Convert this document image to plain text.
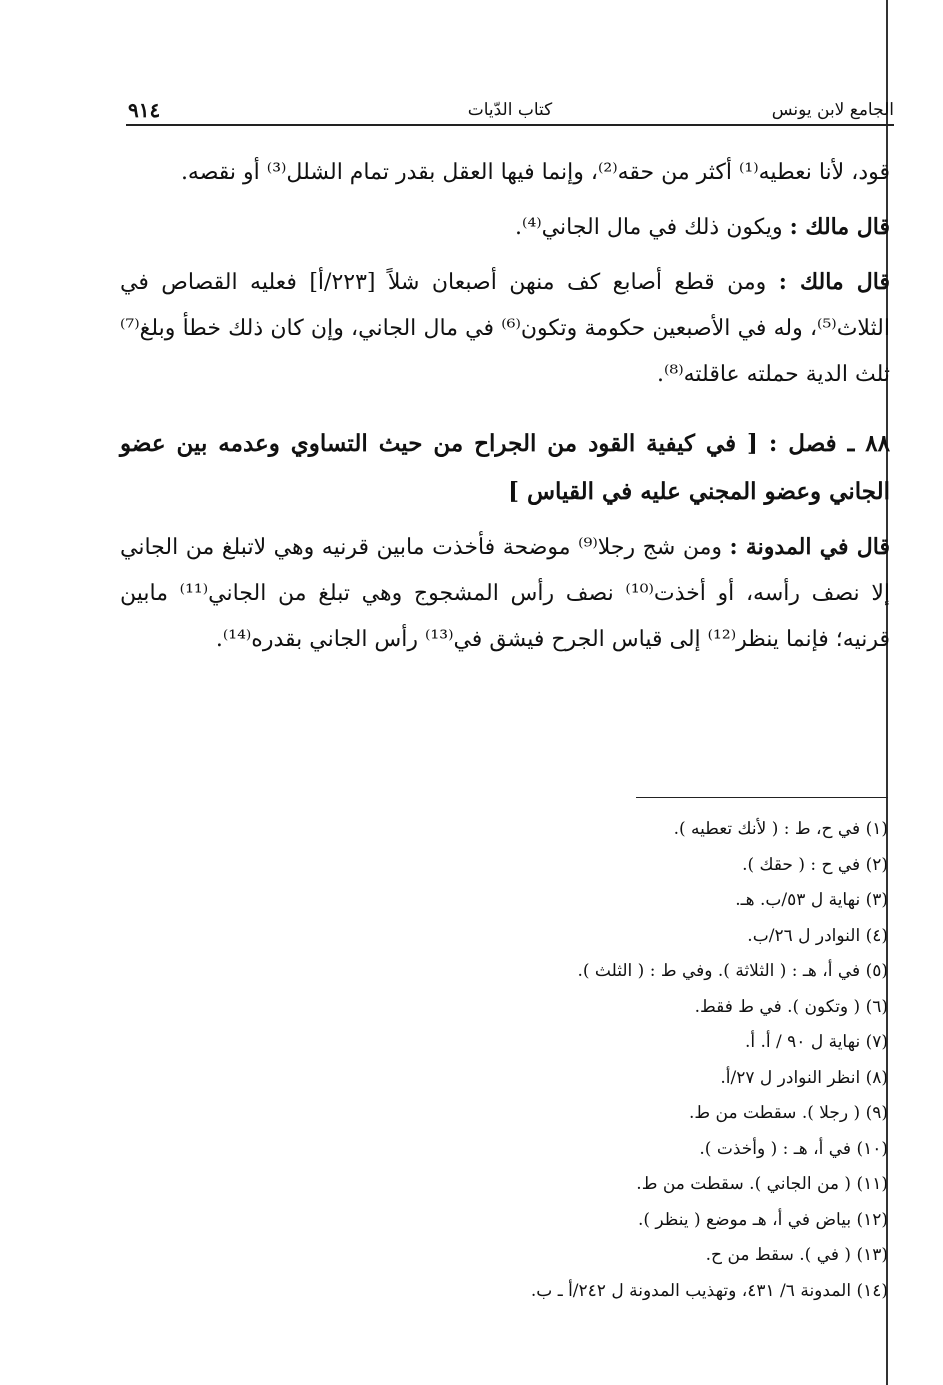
الجامع لابن يونس
كتاب الدّيات
٩١٤

قود، لأنا نعطيه⁽¹⁾ أكثر من حقه⁽²⁾، وإنما فيها العقل بقدر تمام الشلل⁽³⁾ أو نقصه.

قال مالك : ويكون ذلك في مال الجاني⁽⁴⁾.

قال مالك : ومن قطع أصابع كف منهن أصبعان شلاً [٢٢٣/أ] فعليه القصاص في الثلاث⁽⁵⁾، وله في الأصبعين حكومة وتكون⁽⁶⁾ في مال الجاني، وإن كان ذلك خطأ وبلغ⁽⁷⁾ ثلث الدية حملته عاقلته⁽⁸⁾.

٨٨ ـ فصل : [ في كيفية القود من الجراح من حيث التساوي وعدمه بين عضو الجاني وعضو المجني عليه في القياس ]

قال في المدونة : ومن شج رجلا⁽⁹⁾ موضحة فأخذت مابين قرنيه وهي لاتبلغ من الجاني إلا نصف رأسه، أو أخذت⁽¹⁰⁾ نصف رأس المشجوج وهي تبلغ من الجاني⁽¹¹⁾ مابين قرنيه؛ فإنما ينظر⁽¹²⁾ إلى قياس الجرح فيشق في⁽¹³⁾ رأس الجاني بقدره⁽¹⁴⁾.

(١) في ح، ط : ( لأنك تعطيه ).
(٢) في ح : ( حقك ).
(٣) نهاية ل ٥٣/ب. هـ.
(٤) النوادر ل ٢٦/ب.
(٥) في أ، هـ : ( الثلاثة ). وفي ط : ( الثلث ).
(٦) ( وتكون ). في ط فقط.
(٧) نهاية ل ٩٠ / أ. أ.
(٨) انظر النوادر ل ٢٧/أ.
(٩) ( رجلا ). سقطت من ط.
(١٠) في أ، هـ : ( وأخذت ).
(١١) ( من الجاني ). سقطت من ط.
(١٢) بياض في أ، هـ موضع ( ينظر ).
(١٣) ( في ). سقط من ح.
(١٤) المدونة ٦/ ٤٣١، وتهذيب المدونة ل ٢٤٢/أ ـ ب.
